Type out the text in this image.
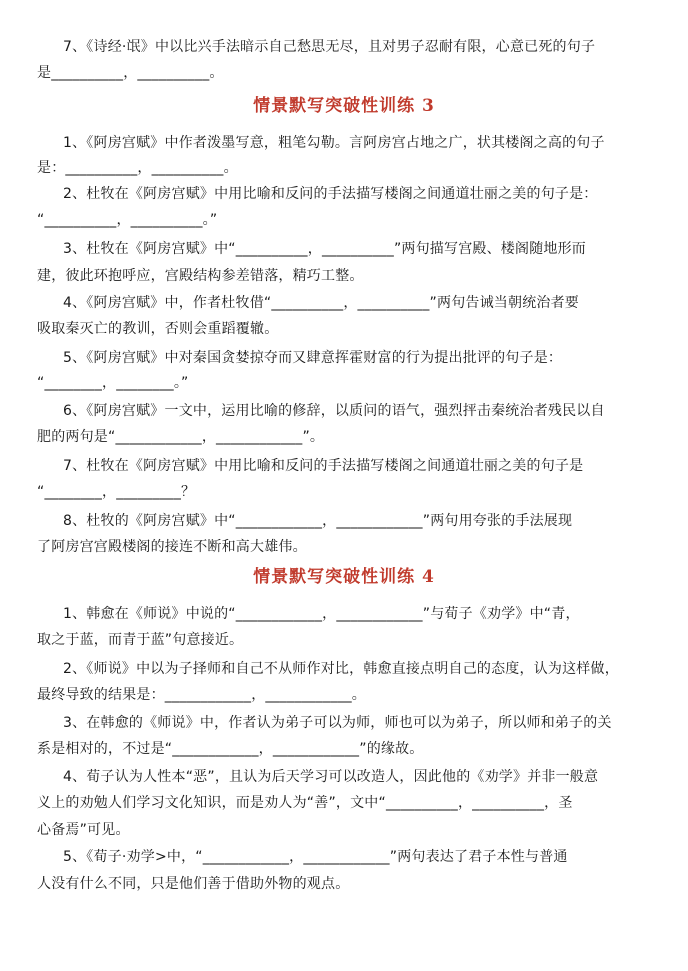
7、《诗经·氓》中以比兴手法暗示自己愁思无尽，且对男子忍耐有限，心意已死的句子
是__________，__________。
情景默写突破性训练 3
1、《阿房宫赋》中作者泼墨写意，粗笔勾勒。言阿房宫占地之广，状其楼阁之高的句子
是：__________，__________。
2、杜牧在《阿房宫赋》中用比喻和反问的手法描写楼阁之间通道壮丽之美的句子是：
“__________，__________。”
3、杜牧在《阿房宫赋》中“__________，__________”两句描写宫殿、楼阁随地形而
建，彼此环抱呼应，宫殿结构参差错落，精巧工整。
4、《阿房宫赋》中，作者杜牧借“__________，__________”两句告诫当朝统治者要
吸取秦灭亡的教训，否则会重蹈覆辙。
5、《阿房宫赋》中对秦国贪婪掠夺而又肆意挥霍财富的行为提出批评的句子是：
“________，________。”
6、《阿房宫赋》一文中，运用比喻的修辞，以质问的语气，强烈抨击秦统治者残民以自
肥的两句是“____________，____________”。
7、杜牧在《阿房宫赋》中用比喻和反问的手法描写楼阁之间通道壮丽之美的句子是
“________，_________？
8、杜牧的《阿房宫赋》中“____________，____________”两句用夸张的手法展现
了阿房宫宫殿楼阁的接连不断和高大雄伟。
情景默写突破性训练 4
1、韩愈在《师说》中说的“____________，____________”与荀子《劝学》中“青，
取之于蓝，而青于蓝”句意接近。
2、《师说》中以为子择师和自己不从师作对比，韩愈直接点明自己的态度，认为这样做，
最终导致的结果是：____________，____________。
3、在韩愈的《师说》中，作者认为弟子可以为师，师也可以为弟子，所以师和弟子的关
系是相对的，不过是“____________，____________”的缘故。
4、荀子认为人性本“恶”，且认为后天学习可以改造人，因此他的《劝学》并非一般意
义上的劝勉人们学习文化知识，而是劝人为“善”，文中“__________，__________，圣
心备焉”可见。
5、《荀子·劝学>中，“____________，____________”两句表达了君子本性与普通
人没有什么不同，只是他们善于借助外物的观点。
